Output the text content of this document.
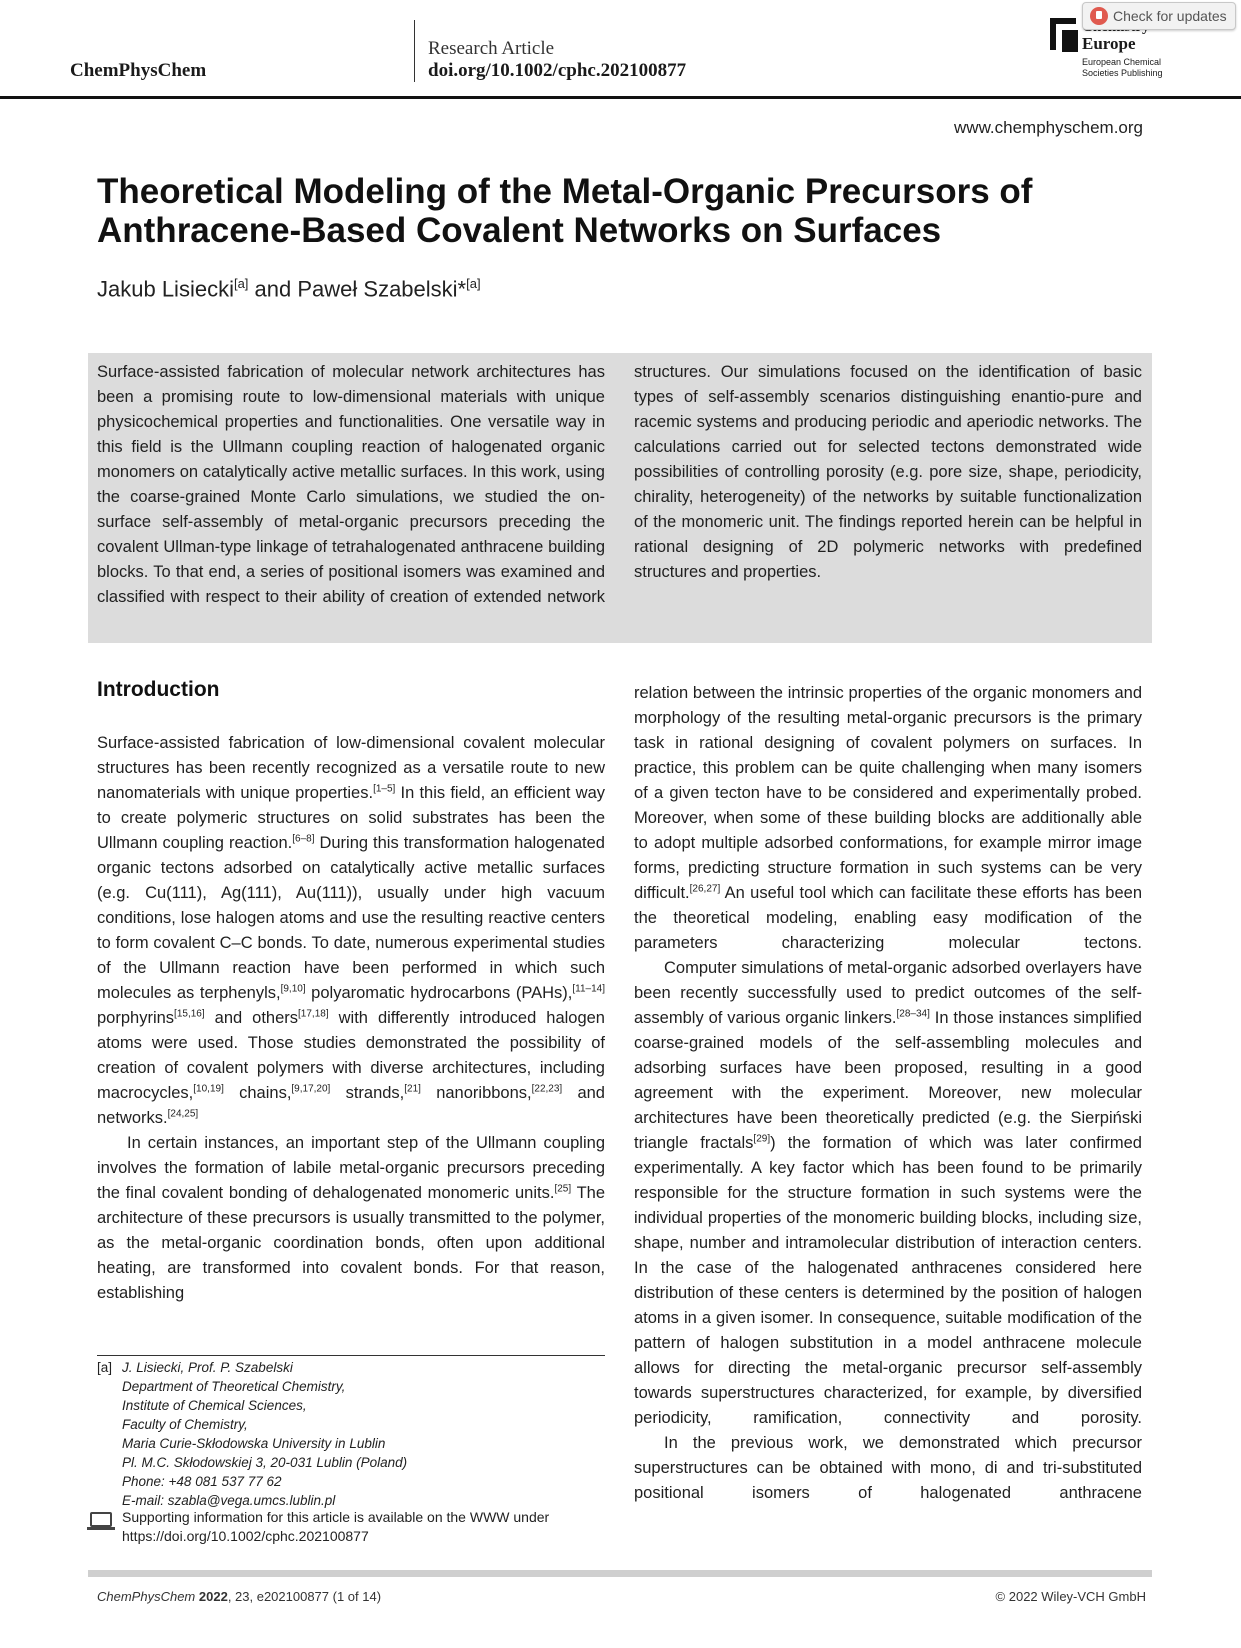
ChemPhysChem
Research Article
doi.org/10.1002/cphc.202100877
Europe
European Chemical Societies Publishing
Check for updates
www.chemphyschem.org
Theoretical Modeling of the Metal-Organic Precursors of Anthracene-Based Covalent Networks on Surfaces
Jakub Lisiecki[a] and Paweł Szabelski*[a]
Surface-assisted fabrication of molecular network architectures has been a promising route to low-dimensional materials with unique physicochemical properties and functionalities. One versatile way in this field is the Ullmann coupling reaction of halogenated organic monomers on catalytically active metallic surfaces. In this work, using the coarse-grained Monte Carlo simulations, we studied the on-surface self-assembly of metal-organic precursors preceding the covalent Ullman-type linkage of tetrahalogenated anthracene building blocks. To that end, a series of positional isomers was examined and classified with respect to their ability of creation of extended network
structures. Our simulations focused on the identification of basic types of self-assembly scenarios distinguishing enantio-pure and racemic systems and producing periodic and aperiodic networks. The calculations carried out for selected tectons demonstrated wide possibilities of controlling porosity (e.g. pore size, shape, periodicity, chirality, heterogeneity) of the networks by suitable functionalization of the monomeric unit. The findings reported herein can be helpful in rational designing of 2D polymeric networks with predefined structures and properties.
Introduction

Surface-assisted fabrication of low-dimensional covalent molecular structures has been recently recognized as a versatile route to new nanomaterials with unique properties.[1–5] In this field, an efficient way to create polymeric structures on solid substrates has been the Ullmann coupling reaction.[6–8] During this transformation halogenated organic tectons adsorbed on catalytically active metallic surfaces (e.g. Cu(111), Ag(111), Au(111)), usually under high vacuum conditions, lose halogen atoms and use the resulting reactive centers to form covalent C–C bonds. To date, numerous experimental studies of the Ullmann reaction have been performed in which such molecules as terphenyls,[9,10] polyaromatic hydrocarbons (PAHs),[11–14] porphyrins[15,16] and others[17,18] with differently introduced halogen atoms were used. Those studies demonstrated the possibility of creation of covalent polymers with diverse architectures, including macrocycles,[10,19] chains,[9,17,20] strands,[21] nanoribbons,[22,23] and networks.[24,25]

In certain instances, an important step of the Ullmann coupling involves the formation of labile metal-organic precursors preceding the final covalent bonding of dehalogenated monomeric units.[25] The architecture of these precursors is usually transmitted to the polymer, as the metal-organic coordination bonds, often upon additional heating, are transformed into covalent bonds. For that reason, establishing

relation between the intrinsic properties of the organic monomers and morphology of the resulting metal-organic precursors is the primary task in rational designing of covalent polymers on surfaces. In practice, this problem can be quite challenging when many isomers of a given tecton have to be considered and experimentally probed. Moreover, when some of these building blocks are additionally able to adopt multiple adsorbed conformations, for example mirror image forms, predicting structure formation in such systems can be very difficult.[26,27] An useful tool which can facilitate these efforts has been the theoretical modeling, enabling easy modification of the parameters characterizing molecular tectons.

Computer simulations of metal-organic adsorbed overlayers have been recently successfully used to predict outcomes of the self-assembly of various organic linkers.[28–34] In those instances simplified coarse-grained models of the self-assembling molecules and adsorbing surfaces have been proposed, resulting in a good agreement with the experiment. Moreover, new molecular architectures have been theoretically predicted (e.g. the Sierpiński triangle fractals[29]) the formation of which was later confirmed experimentally. A key factor which has been found to be primarily responsible for the structure formation in such systems were the individual properties of the monomeric building blocks, including size, shape, number and intramolecular distribution of interaction centers. In the case of the halogenated anthracenes considered here distribution of these centers is determined by the position of halogen atoms in a given isomer. In consequence, suitable modification of the pattern of halogen substitution in a model anthracene molecule allows for directing the metal-organic precursor self-assembly towards superstructures characterized, for example, by diversified periodicity, ramification, connectivity and porosity.

In the previous work, we demonstrated which precursor superstructures can be obtained with mono, di and tri-substituted positional isomers of halogenated anthracene

[a] J. Lisiecki, Prof. P. Szabelski
Department of Theoretical Chemistry,
Institute of Chemical Sciences,
Faculty of Chemistry,
Maria Curie-Skłodowska University in Lublin
Pl. M.C. Skłodowskiej 3, 20-031 Lublin (Poland)
Phone: +48 081 537 77 62
E-mail: szabla@vega.umcs.lublin.pl
Supporting information for this article is available on the WWW under https://doi.org/10.1002/cphc.202100877
ChemPhysChem 2022, 23, e202100877 (1 of 14)	© 2022 Wiley-VCH GmbH
